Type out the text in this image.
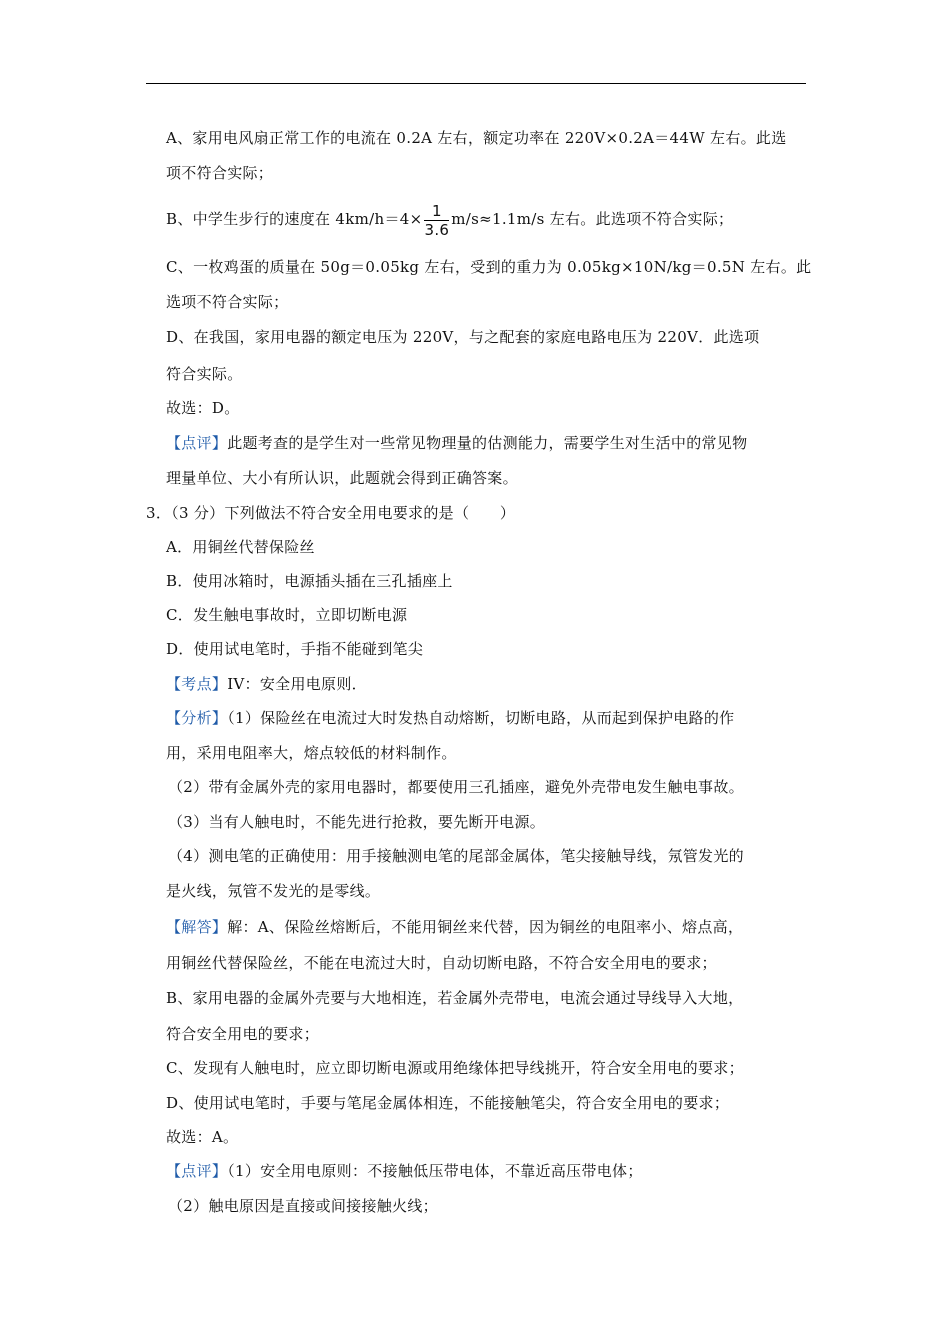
A、家用电风扇正常工作的电流在 0.2A 左右，额定功率在 220V×0.2A＝44W 左右。此选
项不符合实际；
B、中学生步行的速度在 $4km/h=4\times \frac{1}{3.6} m/s\approx 1.1m/s$ 左右。此选项不符合实际；
C、一枚鸡蛋的质量在 50g＝0.05kg 左右，受到的重力为 0.05kg×10N/kg＝0.5N 左右。此
选项不符合实际；
D、在我国，家用电器的额定电压为 220V，与之配套的家庭电路电压为 220V．此选项
符合实际。
故选：D。
【点评】此题考查的是学生对一些常见物理量的估测能力，需要学生对生活中的常见物
理量单位、大小有所认识，此题就会得到正确答案。
3．（3 分）下列做法不符合安全用电要求的是（　　）
A．用铜丝代替保险丝
B．使用冰箱时，电源插头插在三孔插座上
C．发生触电事故时，立即切断电源
D．使用试电笔时，手指不能碰到笔尖
【考点】IV：安全用电原则．
【分析】（1）保险丝在电流过大时发热自动熔断，切断电路，从而起到保护电路的作
用，采用电阻率大，熔点较低的材料制作。
（2）带有金属外壳的家用电器时，都要使用三孔插座，避免外壳带电发生触电事故。
（3）当有人触电时，不能先进行抢救，要先断开电源。
（4）测电笔的正确使用：用手接触测电笔的尾部金属体，笔尖接触导线，氖管发光的
是火线，氖管不发光的是零线。
【解答】解：A、保险丝熔断后，不能用铜丝来代替，因为铜丝的电阻率小、熔点高，
用铜丝代替保险丝，不能在电流过大时，自动切断电路，不符合安全用电的要求；
B、家用电器的金属外壳要与大地相连，若金属外壳带电，电流会通过导线导入大地，
符合安全用电的要求；
C、发现有人触电时，应立即切断电源或用绝缘体把导线挑开，符合安全用电的要求；
D、使用试电笔时，手要与笔尾金属体相连，不能接触笔尖，符合安全用电的要求；
故选：A。
【点评】（1）安全用电原则：不接触低压带电体，不靠近高压带电体；
（2）触电原因是直接或间接接触火线；
